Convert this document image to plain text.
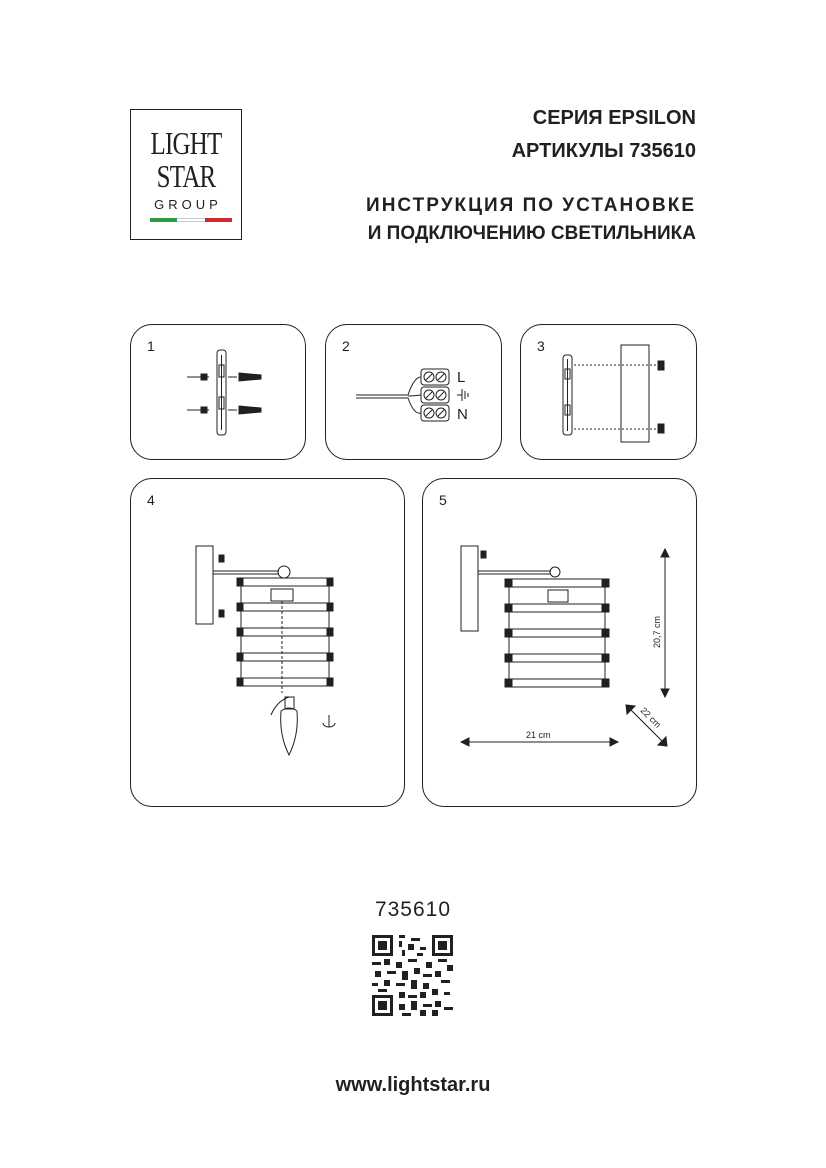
LIGHT
STAR
GROUP
СЕРИЯ EPSILON
АРТИКУЛЫ 735610
ИНСТРУКЦИЯ ПО УСТАНОВКЕ
И ПОДКЛЮЧЕНИЮ СВЕТИЛЬНИКА
1	2
L
N
3
4	5
20,7 cm
22 cm
21 cm
735610
www.lightstar.ru
